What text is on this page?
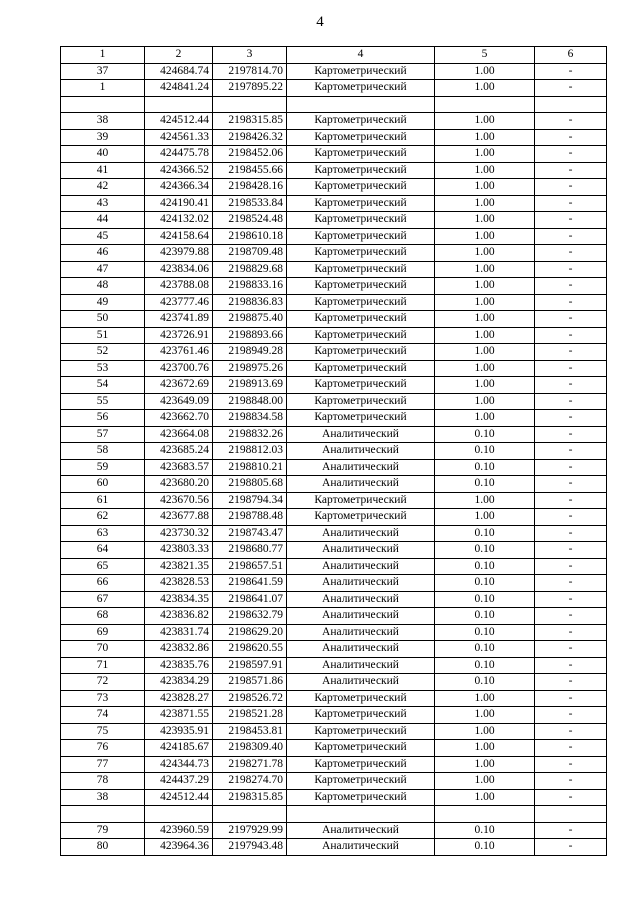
4
1	2	3	4	5	6
37	424684.74	2197814.70	Картометрический	1.00	-
1	424841.24	2197895.22	Картометрический	1.00	-

38	424512.44	2198315.85	Картометрический	1.00	-
39	424561.33	2198426.32	Картометрический	1.00	-
40	424475.78	2198452.06	Картометрический	1.00	-
41	424366.52	2198455.66	Картометрический	1.00	-
42	424366.34	2198428.16	Картометрический	1.00	-
43	424190.41	2198533.84	Картометрический	1.00	-
44	424132.02	2198524.48	Картометрический	1.00	-
45	424158.64	2198610.18	Картометрический	1.00	-
46	423979.88	2198709.48	Картометрический	1.00	-
47	423834.06	2198829.68	Картометрический	1.00	-
48	423788.08	2198833.16	Картометрический	1.00	-
49	423777.46	2198836.83	Картометрический	1.00	-
50	423741.89	2198875.40	Картометрический	1.00	-
51	423726.91	2198893.66	Картометрический	1.00	-
52	423761.46	2198949.28	Картометрический	1.00	-
53	423700.76	2198975.26	Картометрический	1.00	-
54	423672.69	2198913.69	Картометрический	1.00	-
55	423649.09	2198848.00	Картометрический	1.00	-
56	423662.70	2198834.58	Картометрический	1.00	-
57	423664.08	2198832.26	Аналитический	0.10	-
58	423685.24	2198812.03	Аналитический	0.10	-
59	423683.57	2198810.21	Аналитический	0.10	-
60	423680.20	2198805.68	Аналитический	0.10	-
61	423670.56	2198794.34	Картометрический	1.00	-
62	423677.88	2198788.48	Картометрический	1.00	-
63	423730.32	2198743.47	Аналитический	0.10	-
64	423803.33	2198680.77	Аналитический	0.10	-
65	423821.35	2198657.51	Аналитический	0.10	-
66	423828.53	2198641.59	Аналитический	0.10	-
67	423834.35	2198641.07	Аналитический	0.10	-
68	423836.82	2198632.79	Аналитический	0.10	-
69	423831.74	2198629.20	Аналитический	0.10	-
70	423832.86	2198620.55	Аналитический	0.10	-
71	423835.76	2198597.91	Аналитический	0.10	-
72	423834.29	2198571.86	Аналитический	0.10	-
73	423828.27	2198526.72	Картометрический	1.00	-
74	423871.55	2198521.28	Картометрический	1.00	-
75	423935.91	2198453.81	Картометрический	1.00	-
76	424185.67	2198309.40	Картометрический	1.00	-
77	424344.73	2198271.78	Картометрический	1.00	-
78	424437.29	2198274.70	Картометрический	1.00	-
38	424512.44	2198315.85	Картометрический	1.00	-

79	423960.59	2197929.99	Аналитический	0.10	-
80	423964.36	2197943.48	Аналитический	0.10	-
